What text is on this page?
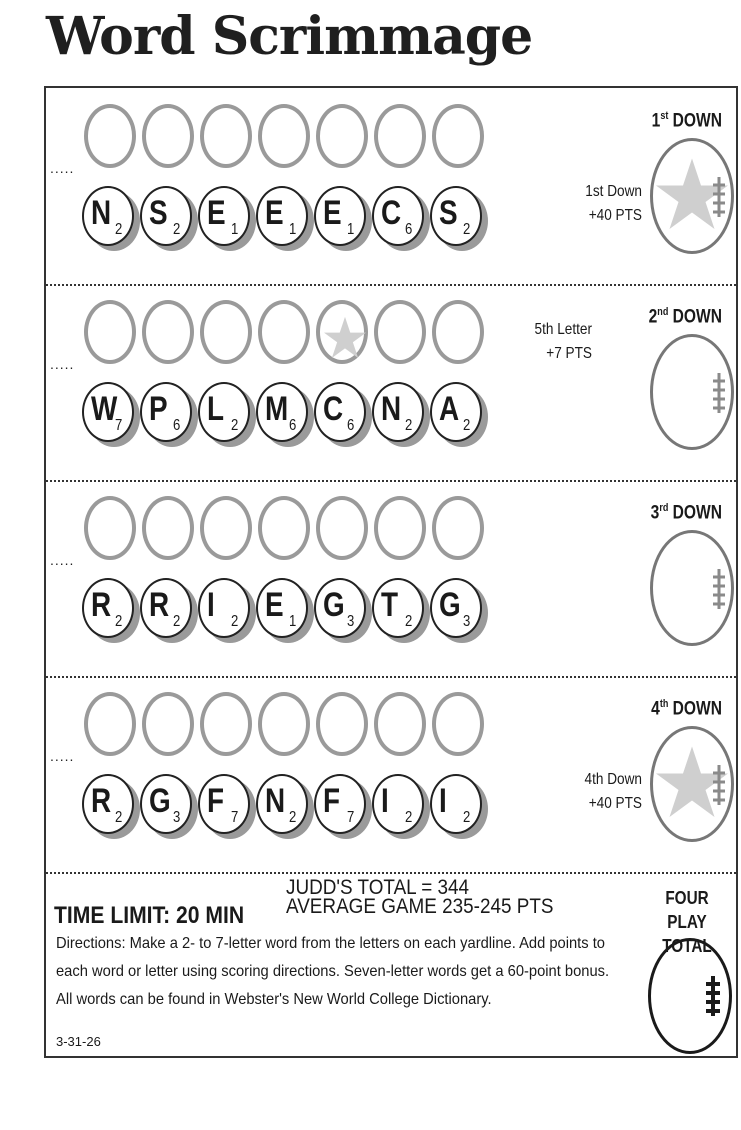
Word Scrimmage
.....
N 2 S 2 E 1 E 1 E 1 C 6 S 2
1st DOWN
1st Down
+40 PTS
.....
W
7 P 6 L 2 M 6 C 6 N 2 A 2
2nd DOWN
5th Letter
+7 PTS
.....
R 2 R 2 I 2 E 1 G 3 T 2 G 3
3rd DOWN
.....
R 2 G 3 F 7 N 2 F 7 I 2 I 2
4th DOWN
4th Down
+40 PTS
TIME LIMIT: 20 MIN
JUDD'S TOTAL = 344
AVERAGE GAME 235-245 PTS
Directions: Make a 2- to 7-letter word from the letters on each yardline. Add points to each word or letter using scoring directions. Seven-letter words get a 60-point bonus. All words can be found in Webster's New World College Dictionary.
3-31-26
FOUR PLAY
TOTAL
